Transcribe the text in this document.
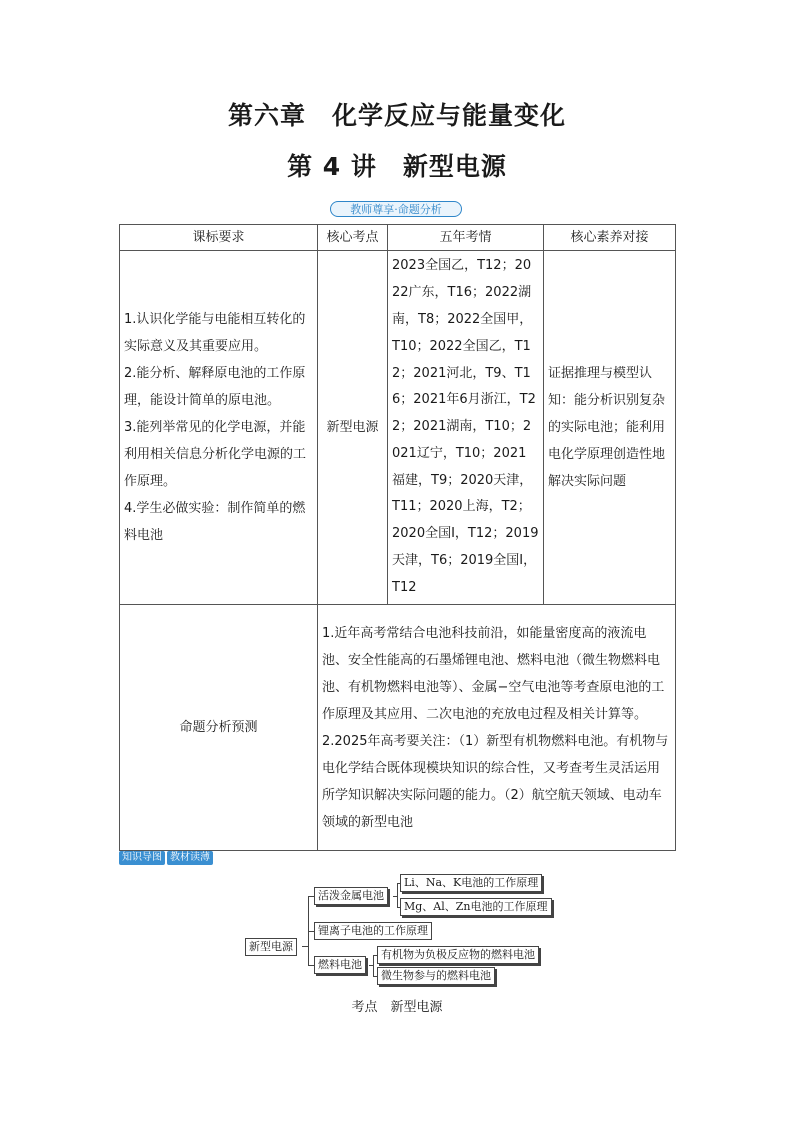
第六章　化学反应与能量变化
第 4 讲　新型电源
教师尊享·命题分析
课标要求	核心考点	五年考情	核心素养对接

1.认识化学能与电能相互转化的实际意义及其重要应用。
2.能分析、解释原电池的工作原理，能设计简单的原电池。
3.能列举常见的化学电源，并能利用相关信息分析化学电源的工作原理。
4.学生必做实验：制作简单的燃料电池	新型电源	2023全国乙，T12；2022广东，T16；2022湖南，T8；2022全国甲，T10；2022全国乙，T12；2021河北，T9、T16；2021年6月浙江，T22；2021湖南，T10；2021辽宁，T10；2021福建，T9；2020天津，T11；2020上海，T2；2020全国Ⅰ，T12；2019天津，T6；2019全国Ⅰ，T12	证据推理与模型认知：能分析识别复杂的实际电池；能利用电化学原理创造性地解决实际问题
命题分析预测	1.近年高考常结合电池科技前沿，如能量密度高的液流电池、安全性能高的石墨烯锂电池、燃料电池（微生物燃料电池、有机物燃料电池等）、金属−空气电池等考查原电池的工作原理及其应用、二次电池的充放电过程及相关计算等。
2.2025年高考要关注：（1）新型有机物燃料电池。有机物与电化学结合既体现模块知识的综合性，又考查考生灵活运用所学知识解决实际问题的能力。（2）航空航天领域、电动车领域的新型电池		
知识导图 教材读薄
新型电源
活泼金属电池
锂离子电池的工作原理
燃料电池
Li、Na、K电池的工作原理
Mg、Al、Zn电池的工作原理
有机物为负极反应物的燃料电池
微生物参与的燃料电池
考点　新型电源
